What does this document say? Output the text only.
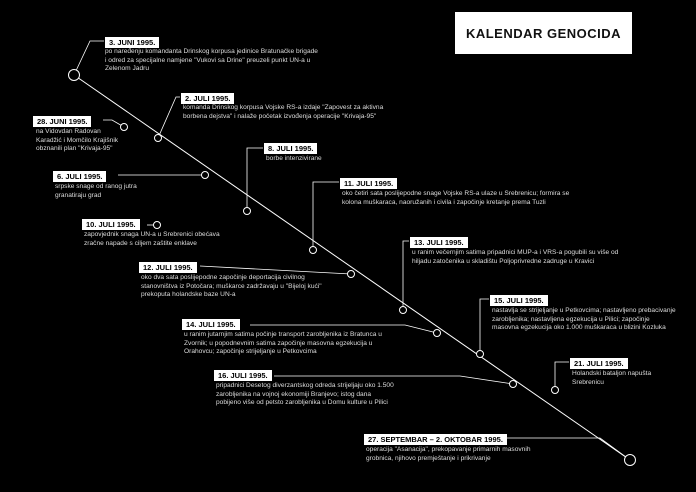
KALENDAR GENOCIDA
3. JUNI 1995.
po naređenju komandanta Drinskog korpusa jedinice Bratunačke brigade i odred za specijalne namjene "Vukovi sa Drine" preuzeli punkt UN-a u Zelenom Jadru
28. JUNI 1995.
na Vidovdan Radovan Karadžić i Momčilo Krajišnik obznanili plan "Krivaja-95"
2. JULI 1995.
komanda Drinskog korpusa Vojske RS-a izdaje "Zapovest za aktivna borbena dejstva" i nalaže početak izvođenja operacije "Krivaja-95"
6. JULI 1995.
srpske snage od ranog jutra granatiraju grad
8. JULI 1995.
borbe intenzivirane
10. JULI 1995.
zapovjednik snaga UN-a u Srebrenici obećava zračne napade s ciljem zaštite enklave
11. JULI 1995.
oko četiri sata poslijepodne snage Vojske RS-a ulaze u Srebrenicu; formira se kolona muškaraca, naoružanih i civila i započinje kretanje prema Tuzli
12. JULI 1995.
oko dva sata poslijepodne započinje deportacija civilnog stanovništva iz Potočara; muškarce zadržavaju u "Bijeloj kući" prekoputa holandske baze UN-a
13. JULI 1995.
u ranim večernjim satima pripadnici MUP-a i VRS-a pogubili su više od hiljadu zatočenika u skladištu Poljoprivredne zadruge u Kravici
14. JULI 1995.
u ranim jutarnjim satima počinje transport zarobljenika iz Bratunca u Zvornik; u popodnevnim satima započinje masovna egzekucija u Orahovcu; započinje strijeljanje u Petkovcima
15. JULI 1995.
nastavlja se strijeljanje u Petkovcima; nastavljeno prebacivanje zarobljenika; nastavljena egzekucija u Pilici; započinje masovna egzekucija oko 1.000 muškaraca u blizini Kozluka
16. JULI 1995.
pripadnici Desetog diverzantskog odreda strijeljaju oko 1.500 zarobljenika na vojnoj ekonomiji Branjevo; istog dana pobijeno više od petsto zarobljenika u Domu kulture u Pilici
21. JULI 1995.
Holandski bataljon napušta Srebrenicu
27. SEPTEMBAR – 2. OKTOBAR 1995.
operacija "Asanacija", prekopavanje primarnih masovnih grobnica, njihovo premještanje i prikrivanje
